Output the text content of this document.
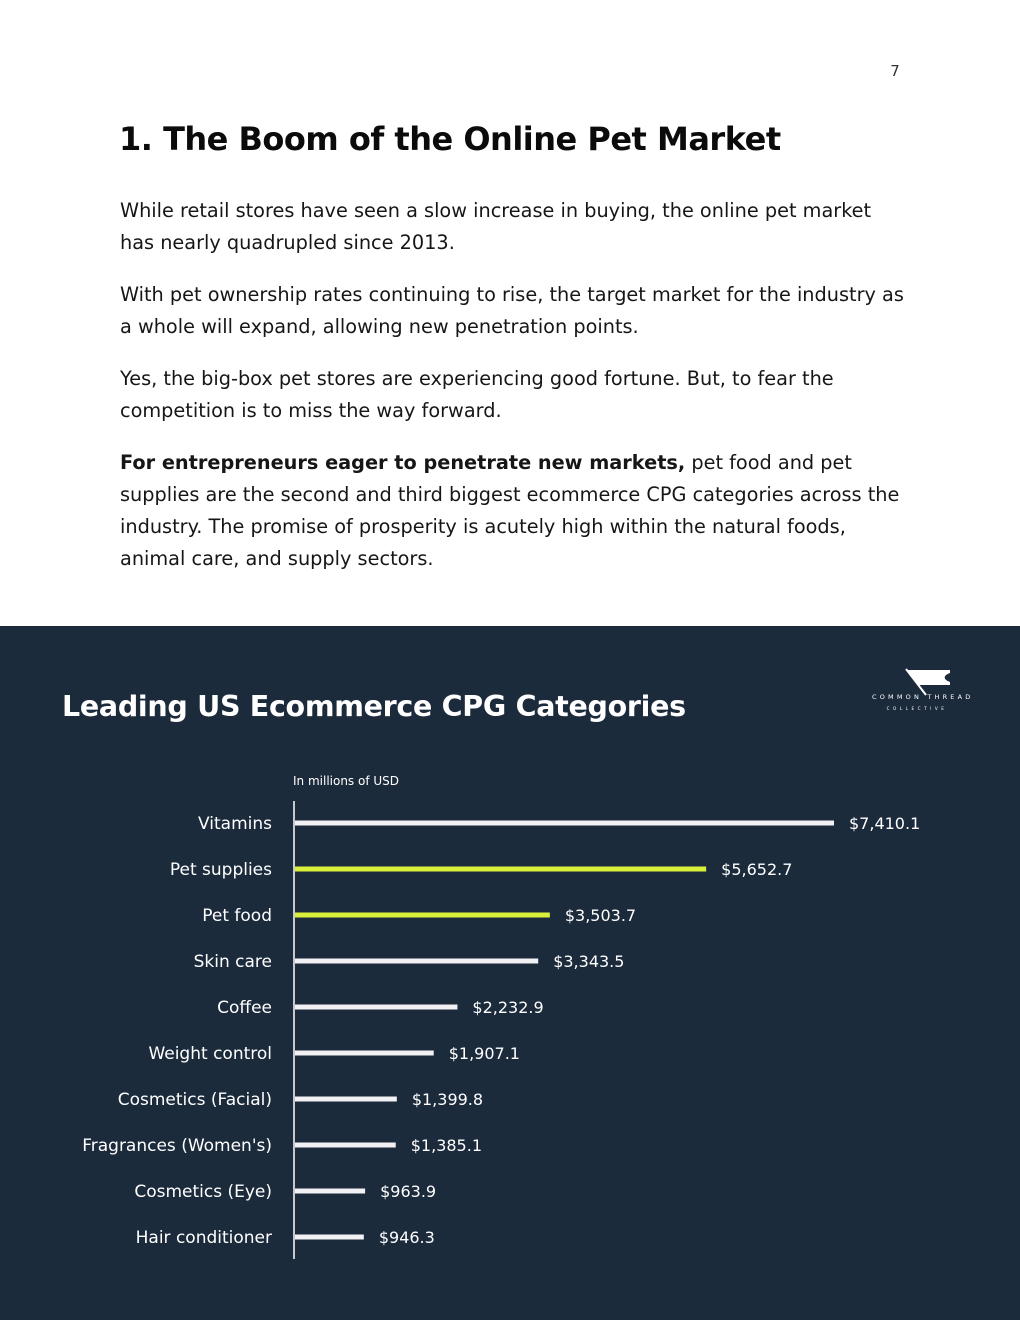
7
1. The Boom of the Online Pet Market

While retail stores have seen a slow increase in buying, the online pet market has nearly quadrupled since 2013.

With pet ownership rates continuing to rise, the target market for the industry as a whole will expand, allowing new penetration points.

Yes, the big-box pet stores are experiencing good fortune. But, to fear the competition is to miss the way forward.

For entrepreneurs eager to penetrate new markets, pet food and pet supplies are the second and third biggest ecommerce CPG categories across the industry. The promise of prosperity is acutely high within the natural foods, animal care, and supply sectors.

Leading US Ecommerce CPG Categories	COMMON THREAD
COLLECTIVE
In millions of USD
Vitamins	$7,410.1
Pet supplies	$5,652.7
Pet food	$3,503.7
Skin care	$3,343.5
Coffee	$2,232.9
Weight control	$1,907.1
Cosmetics (Facial)	$1,399.8
Fragrances (Women's)	$1,385.1
Cosmetics (Eye)	$963.9
Hair conditioner	$946.3
